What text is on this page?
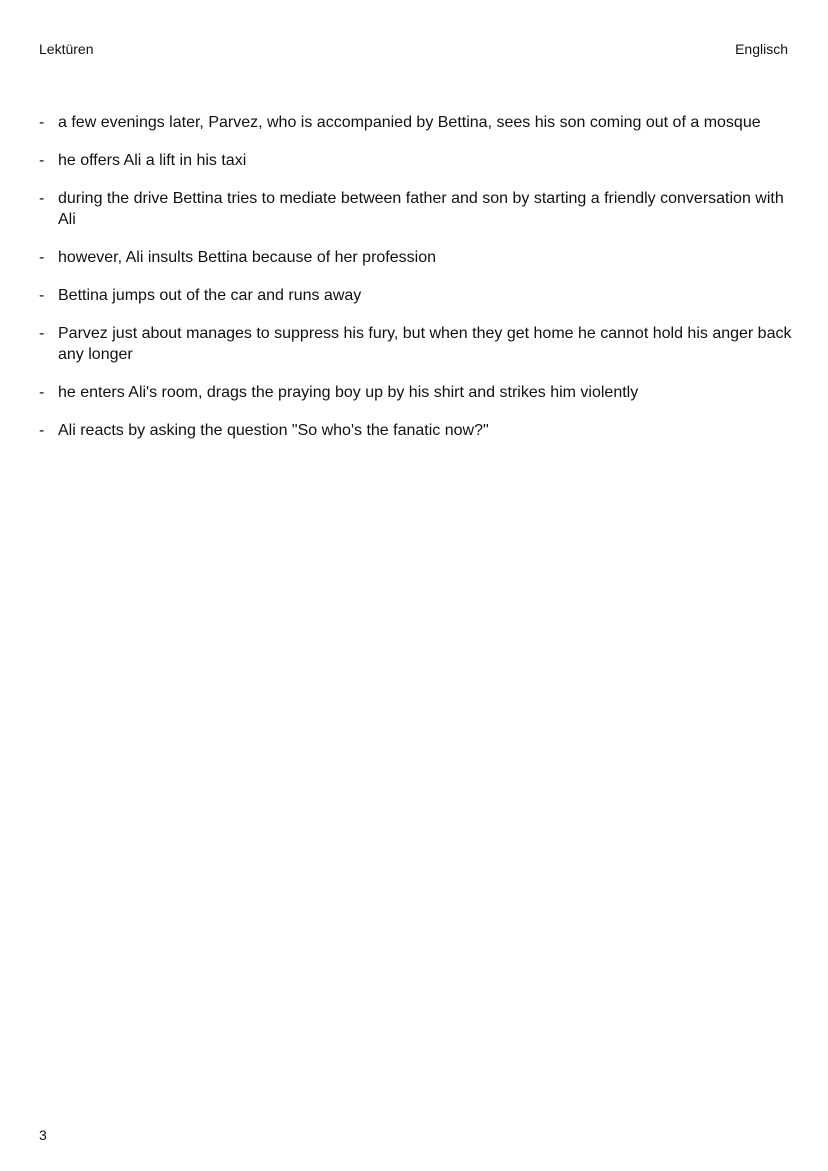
Lektüren	Englisch
- a few evenings later, Parvez, who is accompanied by Bettina, sees his son coming out of a mosque
- he offers Ali a lift in his taxi
- during the drive Bettina tries to mediate between father and son by starting a friendly conversation with Ali
- however, Ali insults Bettina because of her profession
- Bettina jumps out of the car and runs away
- Parvez just about manages to suppress his fury, but when they get home he cannot hold his anger back any longer
- he enters Ali's room, drags the praying boy up by his shirt and strikes him violently
- Ali reacts by asking the question "So who's the fanatic now?"
3
